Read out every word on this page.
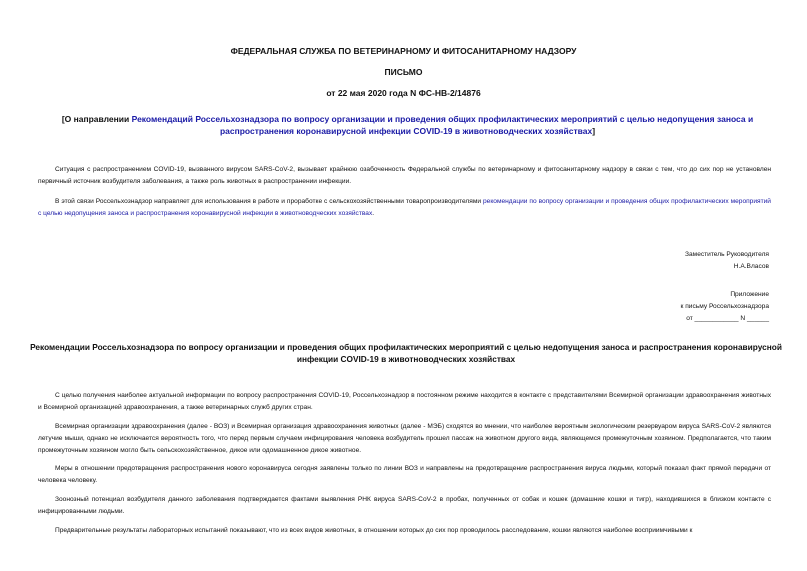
ФЕДЕРАЛЬНАЯ СЛУЖБА ПО ВЕТЕРИНАРНОМУ И ФИТОСАНИТАРНОМУ НАДЗОРУ
ПИСЬМО
от 22 мая 2020 года N ФС-НВ-2/14876
[О направлении Рекомендаций Россельхознадзора по вопросу организации и проведения общих профилактических мероприятий с целью недопущения заноса и распространения коронавирусной инфекции COVID-19 в животноводческих хозяйствах]
Ситуация с распространением COVID-19, вызванного вирусом SARS-CoV-2, вызывает крайнюю озабоченность Федеральной службы по ветеринарному и фитосанитарному надзору в связи с тем, что до сих пор не установлен первичный источник возбудителя заболевания, а также роль животных в распространении инфекции.
В этой связи Россельхознадзор направляет для использования в работе и проработке с сельскохозяйственными товаропроизводителями рекомендации по вопросу организации и проведения общих профилактических мероприятий с целью недопущения заноса и распространения коронавирусной инфекции в животноводческих хозяйствах.
Заместитель Руководителя
Н.А.Власов
Приложение
к письму Россельхознадзора
от ____________ N ______
Рекомендации Россельхознадзора по вопросу организации и проведения общих профилактических мероприятий с целью недопущения заноса и распространения коронавирусной инфекции COVID-19 в животноводческих хозяйствах
С целью получения наиболее актуальной информации по вопросу распространения COVID-19, Россельхознадзор в постоянном режиме находится в контакте с представителями Всемирной организации здравоохранения животных и Всемирной организацией здравоохранения, а также ветеринарных служб других стран.
Всемирная организации здравоохранения (далее - ВОЗ) и Всемирная организация здравоохранения животных (далее - МЭБ) сходятся во мнении, что наиболее вероятным экологическим резервуаром вируса SARS-CoV-2 являются летучие мыши, однако не исключается вероятность того, что перед первым случаем инфицирования человека возбудитель прошел пассаж на животном другого вида, являющемся промежуточным хозяином. Предполагается, что таким промежуточным хозяином могло быть сельскохозяйственное, дикое или одомашненное дикое животное.
Меры в отношении предотвращения распространения нового коронавируса сегодня заявлены только по линии ВОЗ и направлены на предотвращение распространения вируса людьми, который показал факт прямой передачи от человека человеку.
Зоонозный потенциал возбудителя данного заболевания подтверждается фактами выявления РНК вируса SARS-CoV-2 в пробах, полученных от собак и кошек (домашние кошки и тигр), находившихся в близком контакте с инфицированными людьми.
Предварительные результаты лабораторных испытаний показывают, что из всех видов животных, в отношении которых до сих пор проводилось расследование, кошки являются наиболее восприимчивыми к
